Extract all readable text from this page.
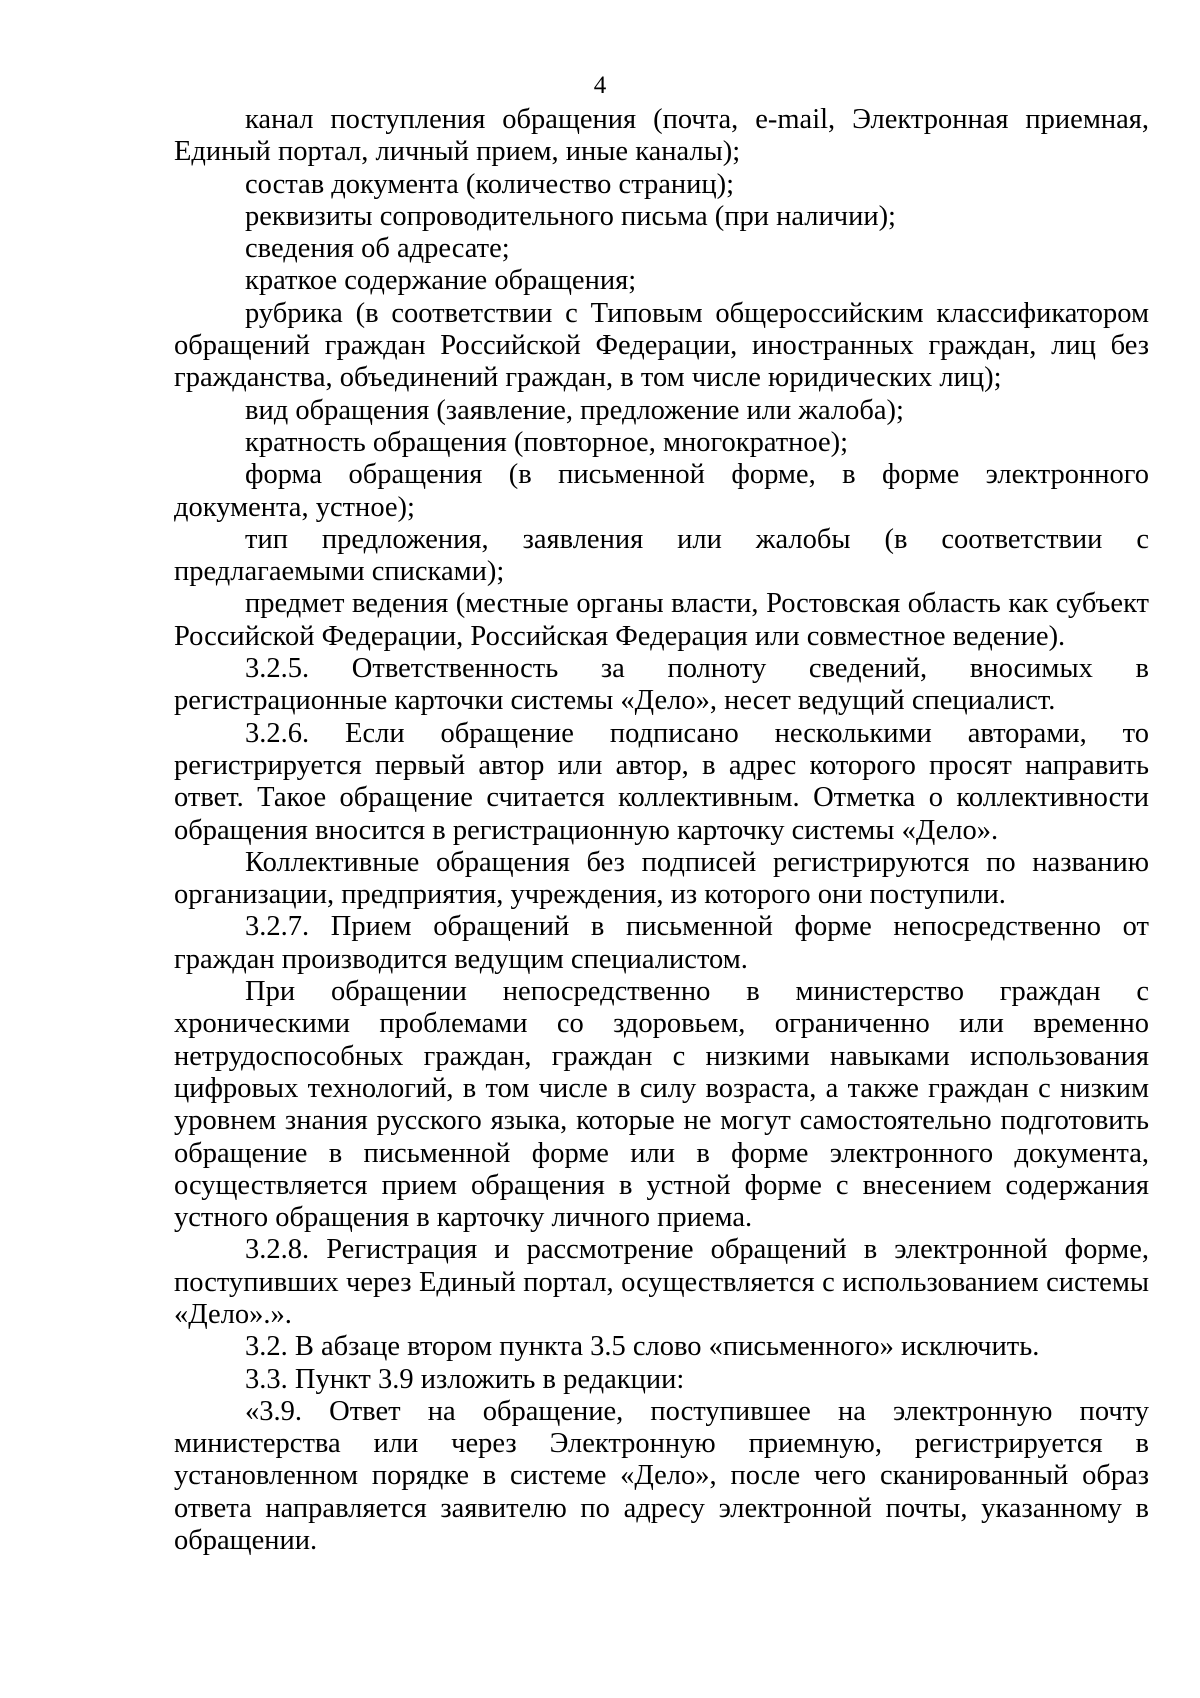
4

канал поступления обращения (почта, e-mail, Электронная приемная, Единый портал, личный прием, иные каналы);

состав документа (количество страниц);

реквизиты сопроводительного письма (при наличии);

сведения об адресате;

краткое содержание обращения;

рубрика (в соответствии с Типовым общероссийским классификатором обращений граждан Российской Федерации, иностранных граждан, лиц без гражданства, объединений граждан, в том числе юридических лиц);

вид обращения (заявление, предложение или жалоба);

кратность обращения (повторное, многократное);

форма обращения (в письменной форме, в форме электронного документа, устное);

тип предложения, заявления или жалобы (в соответствии с предлагаемыми списками);

предмет ведения (местные органы власти, Ростовская область как субъект Российской Федерации, Российская Федерация или совместное ведение).

3.2.5. Ответственность за полноту сведений, вносимых в регистрационные карточки системы «Дело», несет ведущий специалист.

3.2.6. Если обращение подписано несколькими авторами, то регистрируется первый автор или автор, в адрес которого просят направить ответ. Такое обращение считается коллективным. Отметка о коллективности обращения вносится в регистрационную карточку системы «Дело».

Коллективные обращения без подписей регистрируются по названию организации, предприятия, учреждения, из которого они поступили.

3.2.7. Прием обращений в письменной форме непосредственно от граждан производится ведущим специалистом.

При обращении непосредственно в министерство граждан с хроническими проблемами со здоровьем, ограниченно или временно нетрудоспособных граждан, граждан с низкими навыками использования цифровых технологий, в том числе в силу возраста, а также граждан с низким уровнем знания русского языка, которые не могут самостоятельно подготовить обращение в письменной форме или в форме электронного документа, осуществляется прием обращения в устной форме с внесением содержания устного обращения в карточку личного приема.

3.2.8. Регистрация и рассмотрение обращений в электронной форме, поступивших через Единый портал, осуществляется с использованием системы «Дело».».

3.2. В абзаце втором пункта 3.5 слово «письменного» исключить.

3.3. Пункт 3.9 изложить в редакции:

«3.9. Ответ на обращение, поступившее на электронную почту министерства или через Электронную приемную, регистрируется в установленном порядке в системе «Дело», после чего сканированный образ ответа направляется заявителю по адресу электронной почты, указанному в обращении.
